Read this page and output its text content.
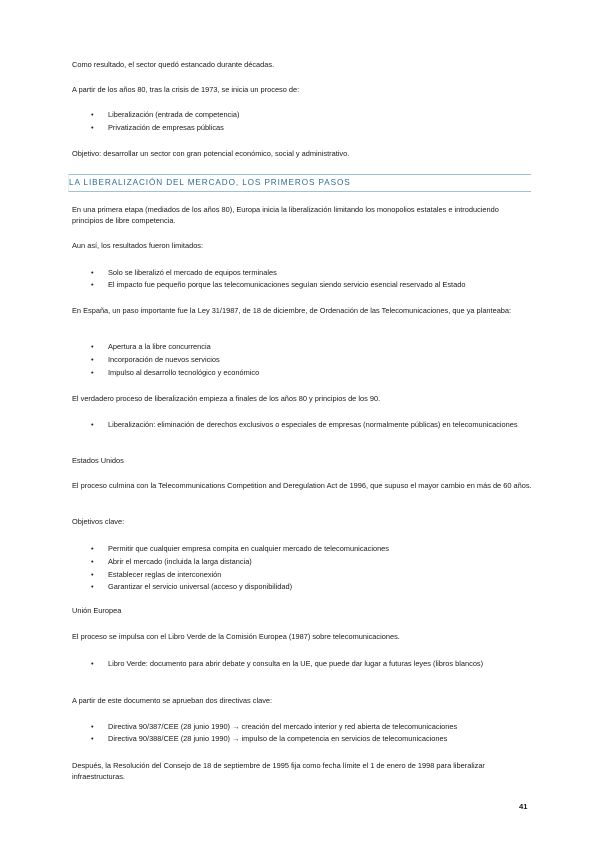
Como resultado, el sector quedó estancado durante décadas.

A partir de los años 80, tras la crisis de 1973, se inicia un proceso de:

• Liberalización (entrada de competencia)

• Privatización de empresas públicas

Objetivo: desarrollar un sector con gran potencial económico, social y administrativo.

LA LIBERALIZACIÓN DEL MERCADO, LOS PRIMEROS PASOS

En una primera etapa (mediados de los años 80), Europa inicia la liberalización limitando los monopolios estatales e introduciendo principios de libre competencia.

Aun así, los resultados fueron limitados:

• Solo se liberalizó el mercado de equipos terminales

• El impacto fue pequeño porque las telecomunicaciones seguían siendo servicio esencial reservado al Estado

En España, un paso importante fue la Ley 31/1987, de 18 de diciembre, de Ordenación de las Telecomunicaciones, que ya planteaba:

• Apertura a la libre concurrencia

• Incorporación de nuevos servicios

• Impulso al desarrollo tecnológico y económico

El verdadero proceso de liberalización empieza a finales de los años 80 y principios de los 90.

• Liberalización: eliminación de derechos exclusivos o especiales de empresas (normalmente públicas) en telecomunicaciones

Estados Unidos

El proceso culmina con la Telecommunications Competition and Deregulation Act de 1996, que supuso el mayor cambio en más de 60 años.

Objetivos clave:

• Permitir que cualquier empresa compita en cualquier mercado de telecomunicaciones

• Abrir el mercado (incluida la larga distancia)

• Establecer reglas de interconexión

• Garantizar el servicio universal (acceso y disponibilidad)

Unión Europea

El proceso se impulsa con el Libro Verde de la Comisión Europea (1987) sobre telecomunicaciones.

• Libro Verde: documento para abrir debate y consulta en la UE, que puede dar lugar a futuras leyes (libros blancos)

A partir de este documento se aprueban dos directivas clave:

• Directiva 90/387/CEE (28 junio 1990) → creación del mercado interior y red abierta de telecomunicaciones

• Directiva 90/388/CEE (28 junio 1990) → impulso de la competencia en servicios de telecomunicaciones

Después, la Resolución del Consejo de 18 de septiembre de 1995 fija como fecha límite el 1 de enero de 1998 para liberalizar infraestructuras.

41
